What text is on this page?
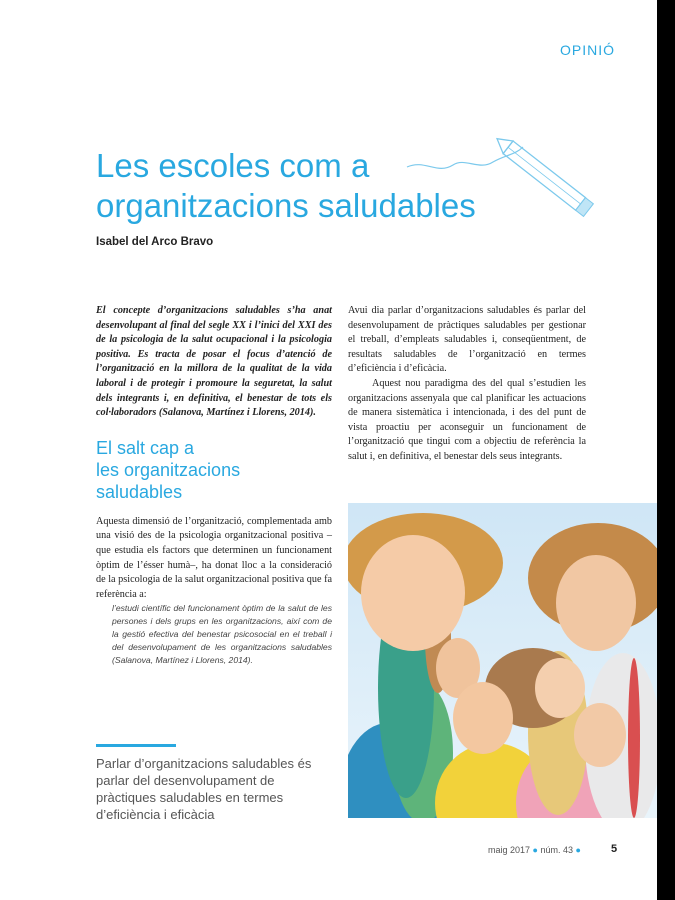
OPINIÓ
Les escoles com a
organitzacions saludables
Isabel del Arco Bravo

El concepte d’organitzacions saludables s’ha anat desenvolupant al final del segle XX i l’inici del XXI des de la psicologia de la salut ocupacional i la psicologia positiva. Es tracta de posar el focus d’atenció de l’organització en la millora de la qualitat de la vida laboral i de protegir i promoure la seguretat, la salut dels integrants i, en definitiva, el benestar de tots els col·laboradors (Salanova, Martínez i Llorens, 2014).

El salt cap a
les organitzacions
saludables

Aquesta dimensió de l’organització, complementada amb una visió des de la psicologia organitzacional positiva –que estudia els factors que determinen un funcionament òptim de l’ésser humà–, ha donat lloc a la consideració de la psicologia de la salut organitzacional positiva que fa referència a:

l’estudi científic del funcionament òptim de la salut de les persones i dels grups en les organitzacions, així com de la gestió efectiva del benestar psicosocial en el treball i del desenvolupament de les organitzacions saludables (Salanova, Martínez i Llorens, 2014).

Avui dia parlar d’organitzacions saludables és parlar del desenvolupament de pràctiques saludables per gestionar el treball, d’empleats saludables i, conseqüentment, de resultats saludables de l’organització en termes d’eficiència i d’eficàcia.

Aquest nou paradigma des del qual s’estudien les organitzacions assenyala que cal planificar les actuacions de manera sistemàtica i intencionada, i des del punt de vista proactiu per aconseguir un funcionament de l’organització que tingui com a objectiu de referència la salut i, en definitiva, el benestar dels seus integrants.

Parlar d’organitzacions saludables és parlar del desenvolupament de pràctiques saludables en termes d’eficiència i eficàcia

maig 2017 ● núm. 43 ●	5
